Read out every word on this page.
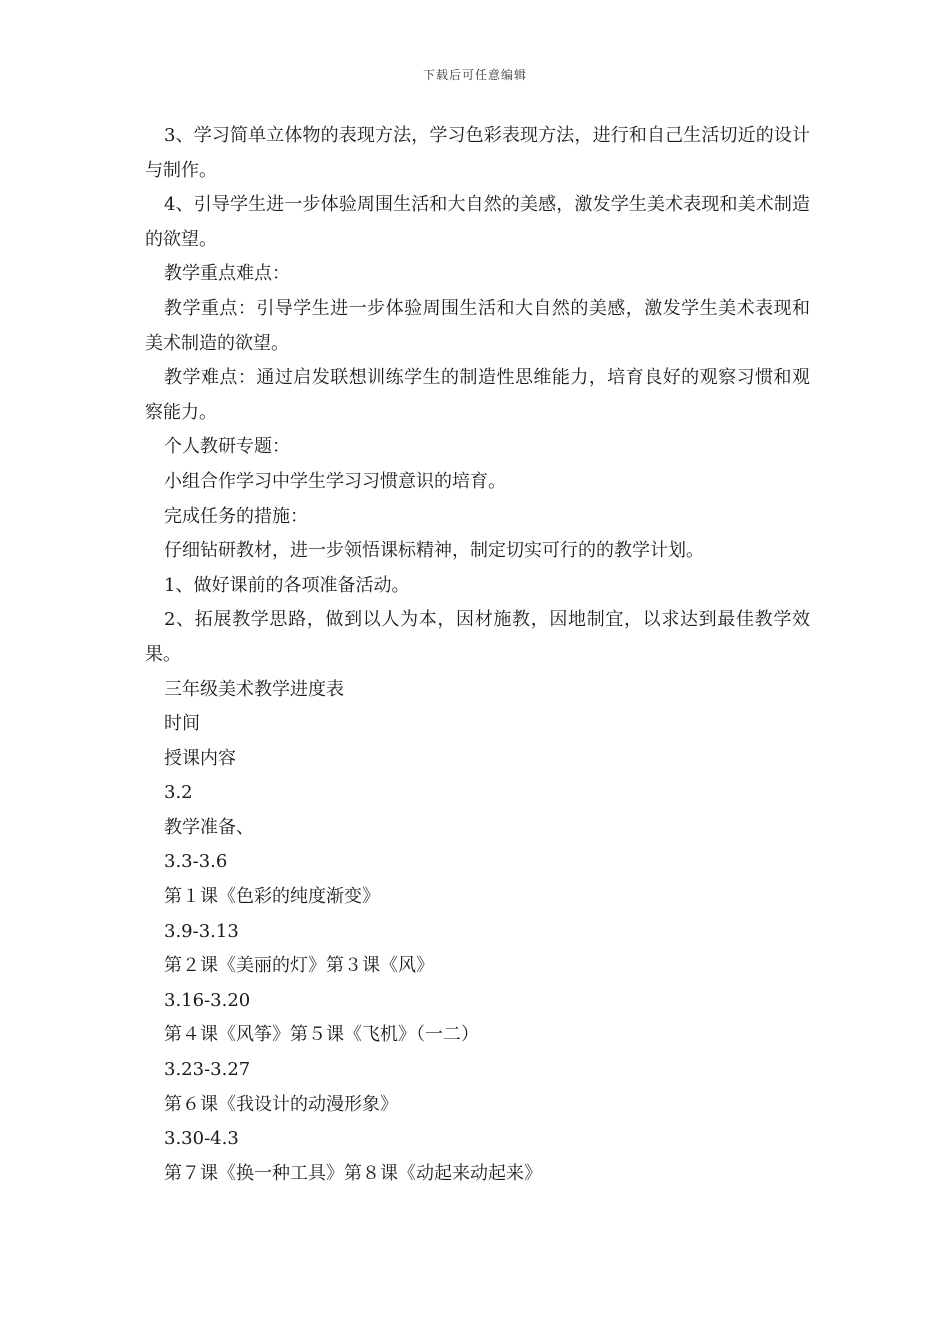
下载后可任意编辑

3、学习简单立体物的表现方法，学习色彩表现方法，进行和自己生活切近的设计与制作。

4、引导学生进一步体验周围生活和大自然的美感，激发学生美术表现和美术制造的欲望。

教学重点难点：

教学重点：引导学生进一步体验周围生活和大自然的美感，激发学生美术表现和美术制造的欲望。

教学难点：通过启发联想训练学生的制造性思维能力，培育良好的观察习惯和观察能力。

个人教研专题：

小组合作学习中学生学习习惯意识的培育。

完成任务的措施：

仔细钻研教材，进一步领悟课标精神，制定切实可行的的教学计划。

1、做好课前的各项准备活动。

2、拓展教学思路，做到以人为本，因材施教，因地制宜，以求达到最佳教学效果。

三年级美术教学进度表

时间

授课内容

3.2

教学准备、

3.3-3.6

第１课《色彩的纯度渐变》

3.9-3.13

第２课《美丽的灯》第３课《风》

3.16-3.20

第４课《风筝》第５课《飞机》（一二）

3.23-3.27

第６课《我设计的动漫形象》

3.30-4.3

第７课《换一种工具》第８课《动起来动起来》
